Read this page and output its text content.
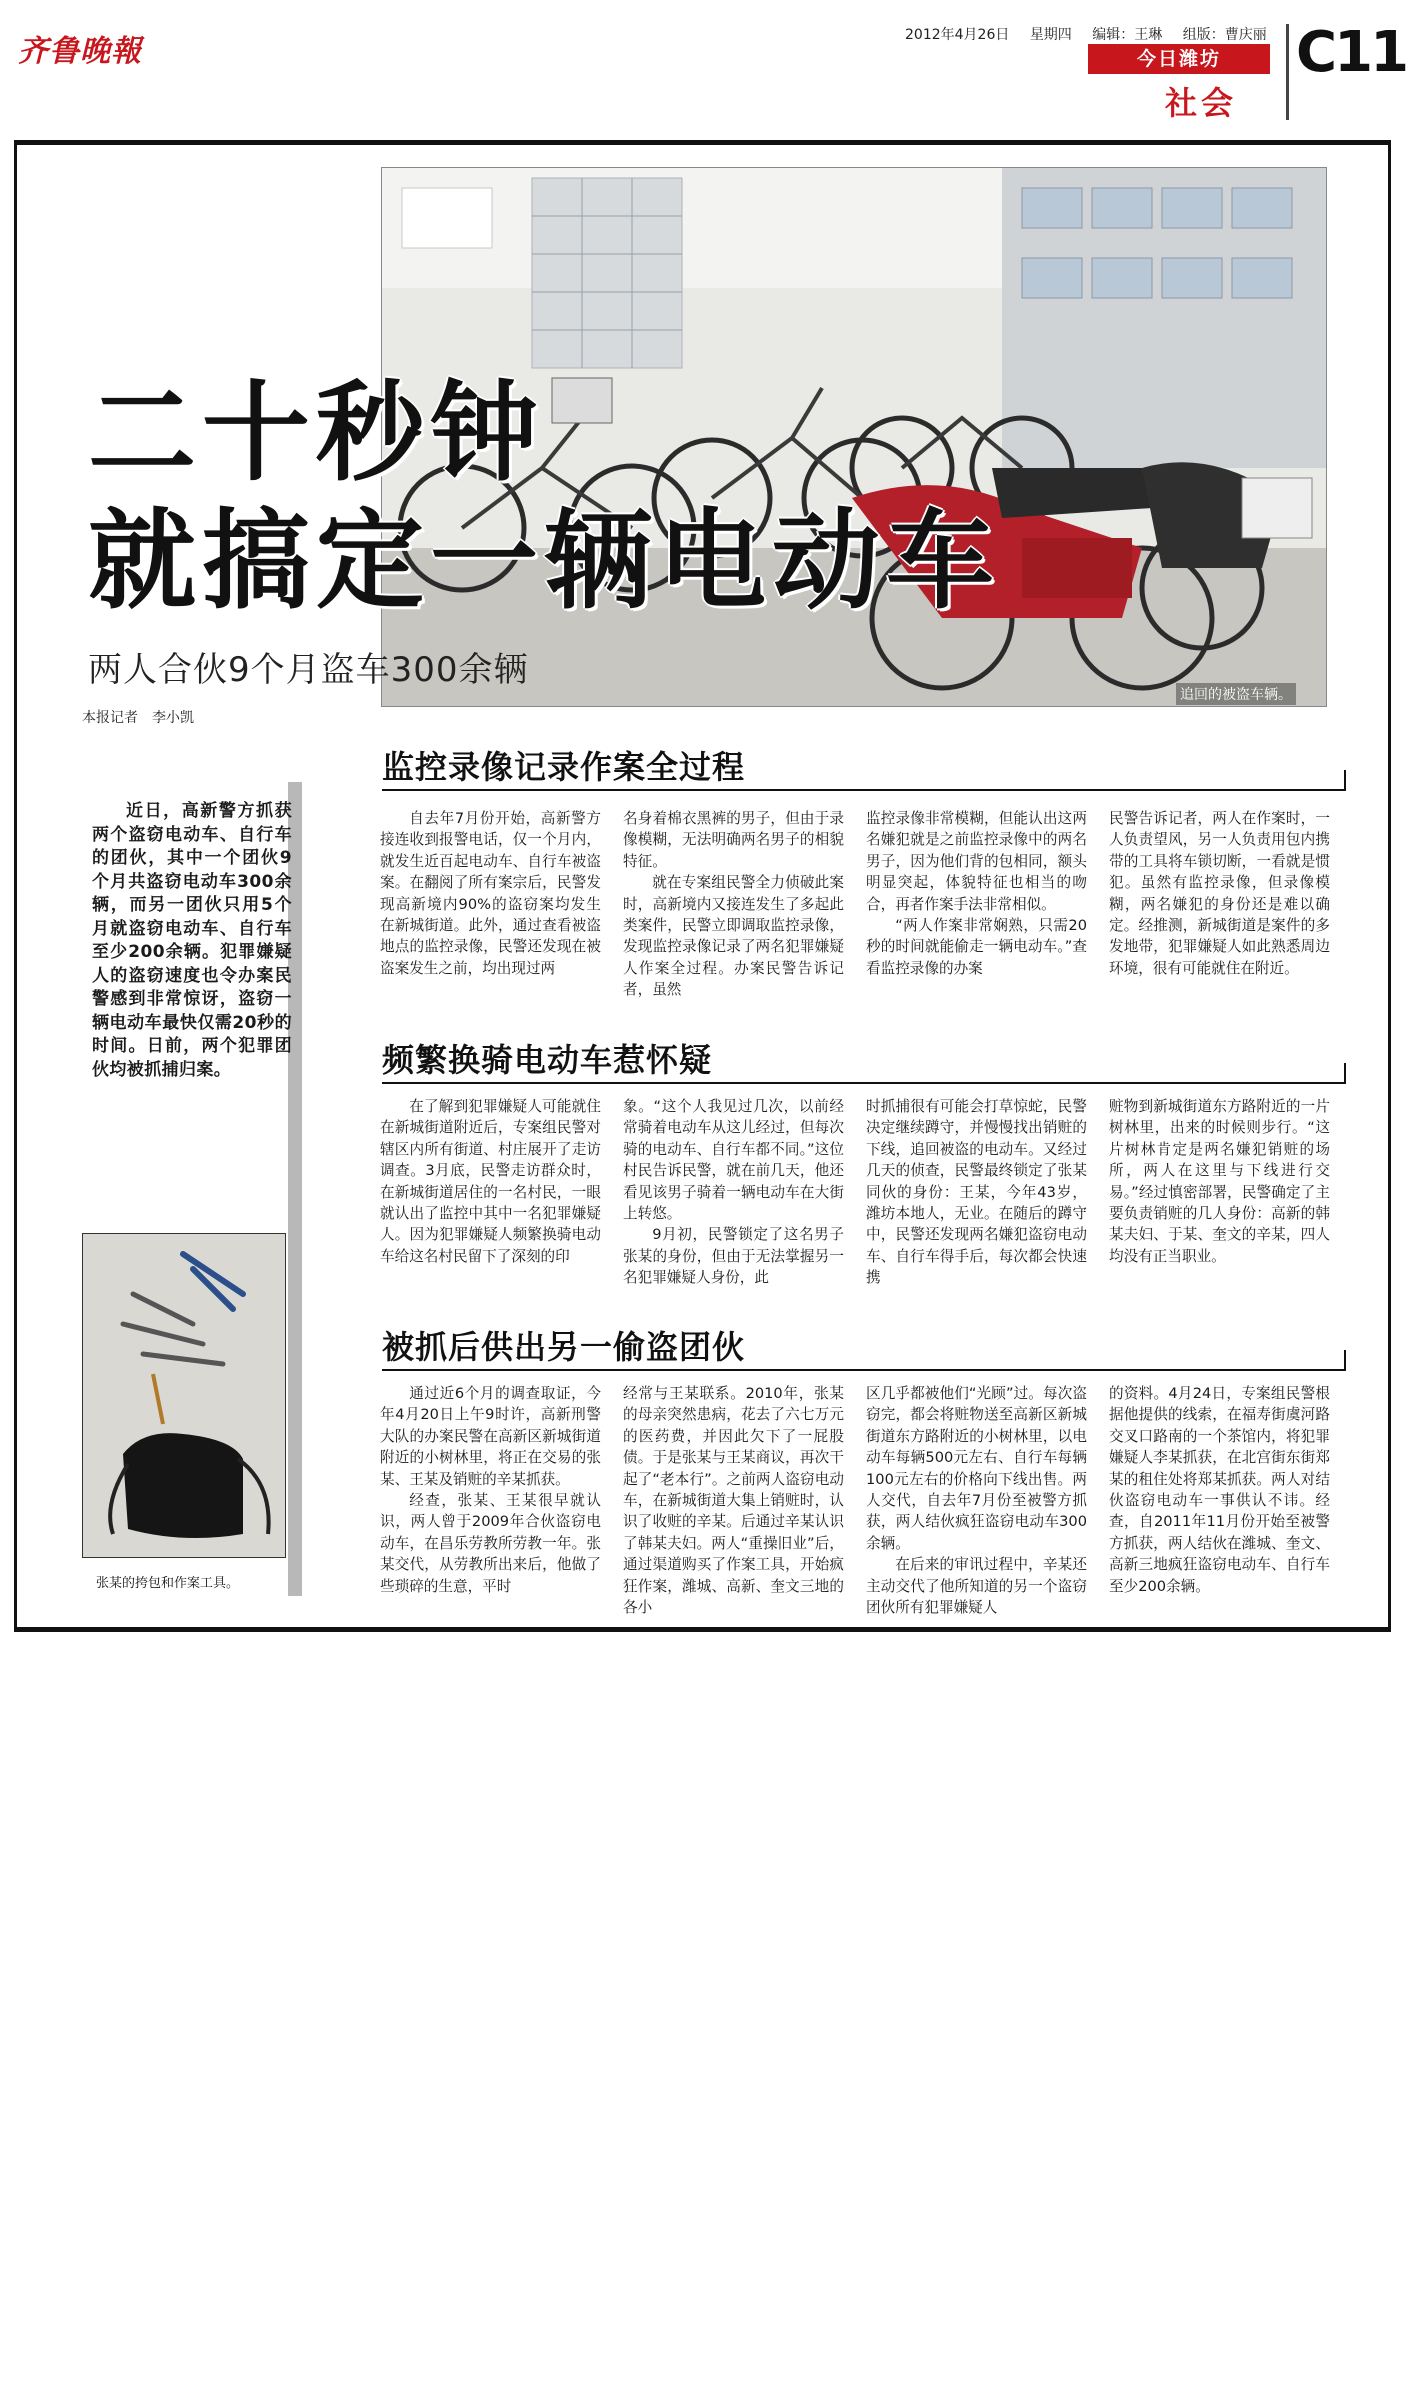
齐鲁晚報	2012年4月26日 星期四 编辑：王琳 组版：曹庆丽
今日潍坊
社会
C11
追回的被盗车辆。
二十秒钟
就搞定一辆电动车
两人合伙9个月盗车300余辆
本报记者　李小凯
近日，高新警方抓获两个盗窃电动车、自行车的团伙，其中一个团伙9个月共盗窃电动车300余辆，而另一团伙只用5个月就盗窃电动车、自行车至少200余辆。犯罪嫌疑人的盗窃速度也令办案民警感到非常惊讶，盗窃一辆电动车最快仅需20秒的时间。日前，两个犯罪团伙均被抓捕归案。
张某的挎包和作案工具。
监控录像记录作案全过程

自去年7月份开始，高新警方接连收到报警电话，仅一个月内，就发生近百起电动车、自行车被盗案。在翻阅了所有案宗后，民警发现高新境内90%的盗窃案均发生在新城街道。此外，通过查看被盗地点的监控录像，民警还发现在被盗案发生之前，均出现过两

名身着棉衣黑裤的男子，但由于录像模糊，无法明确两名男子的相貌特征。

就在专案组民警全力侦破此案时，高新境内又接连发生了多起此类案件，民警立即调取监控录像，发现监控录像记录了两名犯罪嫌疑人作案全过程。办案民警告诉记者，虽然

监控录像非常模糊，但能认出这两名嫌犯就是之前监控录像中的两名男子，因为他们背的包相同，额头明显突起，体貌特征也相当的吻合，再者作案手法非常相似。

“两人作案非常娴熟，只需20秒的时间就能偷走一辆电动车。”查看监控录像的办案

民警告诉记者，两人在作案时，一人负责望风，另一人负责用包内携带的工具将车锁切断，一看就是惯犯。虽然有监控录像，但录像模糊，两名嫌犯的身份还是难以确定。经推测，新城街道是案件的多发地带，犯罪嫌疑人如此熟悉周边环境，很有可能就住在附近。

频繁换骑电动车惹怀疑

在了解到犯罪嫌疑人可能就住在新城街道附近后，专案组民警对辖区内所有街道、村庄展开了走访调查。3月底，民警走访群众时，在新城街道居住的一名村民，一眼就认出了监控中其中一名犯罪嫌疑人。因为犯罪嫌疑人频繁换骑电动车给这名村民留下了深刻的印

象。“这个人我见过几次，以前经常骑着电动车从这儿经过，但每次骑的电动车、自行车都不同。”这位村民告诉民警，就在前几天，他还看见该男子骑着一辆电动车在大街上转悠。

9月初，民警锁定了这名男子张某的身份，但由于无法掌握另一名犯罪嫌疑人身份，此

时抓捕很有可能会打草惊蛇，民警决定继续蹲守，并慢慢找出销赃的下线，追回被盗的电动车。又经过几天的侦查，民警最终锁定了张某同伙的身份：王某，今年43岁，潍坊本地人，无业。在随后的蹲守中，民警还发现两名嫌犯盗窃电动车、自行车得手后，每次都会快速携

赃物到新城街道东方路附近的一片树林里，出来的时候则步行。“这片树林肯定是两名嫌犯销赃的场所，两人在这里与下线进行交易。”经过慎密部署，民警确定了主要负责销赃的几人身份：高新的韩某夫妇、于某、奎文的辛某，四人均没有正当职业。

被抓后供出另一偷盗团伙

通过近6个月的调查取证，今年4月20日上午9时许，高新刑警大队的办案民警在高新区新城街道附近的小树林里，将正在交易的张某、王某及销赃的辛某抓获。

经查，张某、王某很早就认识，两人曾于2009年合伙盗窃电动车，在昌乐劳教所劳教一年。张某交代，从劳教所出来后，他做了些琐碎的生意，平时

经常与王某联系。2010年，张某的母亲突然患病，花去了六七万元的医药费，并因此欠下了一屁股债。于是张某与王某商议，再次干起了“老本行”。之前两人盗窃电动车，在新城街道大集上销赃时，认识了收赃的辛某。后通过辛某认识了韩某夫妇。两人“重操旧业”后，通过渠道购买了作案工具，开始疯狂作案，潍城、高新、奎文三地的各小

区几乎都被他们“光顾”过。每次盗窃完，都会将赃物送至高新区新城街道东方路附近的小树林里，以电动车每辆500元左右、自行车每辆100元左右的价格向下线出售。两人交代，自去年7月份至被警方抓获，两人结伙疯狂盗窃电动车300余辆。

在后来的审讯过程中，辛某还主动交代了他所知道的另一个盗窃团伙所有犯罪嫌疑人

的资料。4月24日，专案组民警根据他提供的线索，在福寿街虞河路交叉口路南的一个茶馆内，将犯罪嫌疑人李某抓获，在北宫街东街郑某的租住处将郑某抓获。两人对结伙盗窃电动车一事供认不讳。经查，自2011年11月份开始至被警方抓获，两人结伙在潍城、奎文、高新三地疯狂盗窃电动车、自行车至少200余辆。
